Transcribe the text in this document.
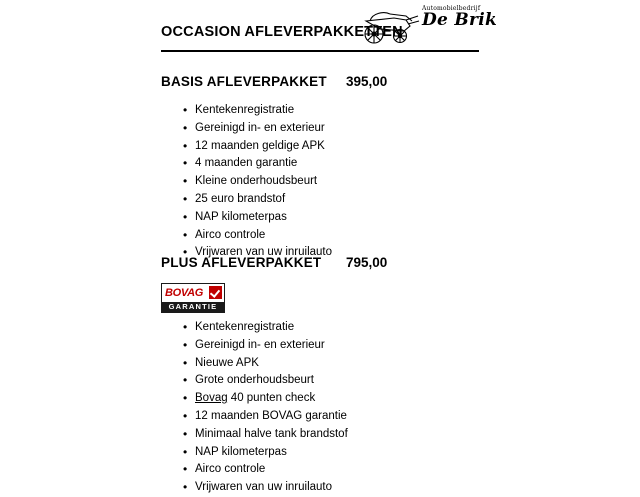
OCCASION AFLEVERPAKKETTEN
Automobielbedrijf
De Brik
BASIS AFLEVERPAKKET 395,00
• Kentekenregistratie
• Gereinigd in- en exterieur
• 12 maanden geldige APK
• 4 maanden garantie
• Kleine onderhoudsbeurt
• 25 euro brandstof
• NAP kilometerpas
• Airco controle
• Vrijwaren van uw inruilauto
PLUS AFLEVERPAKKET 795,00
BOVAG
GARANTIE
• Kentekenregistratie
• Gereinigd in- en exterieur
• Nieuwe APK
• Grote onderhoudsbeurt
• Bovag 40 punten check
• 12 maanden BOVAG garantie
• Minimaal halve tank brandstof
• NAP kilometerpas
• Airco controle
• Vrijwaren van uw inruilauto
